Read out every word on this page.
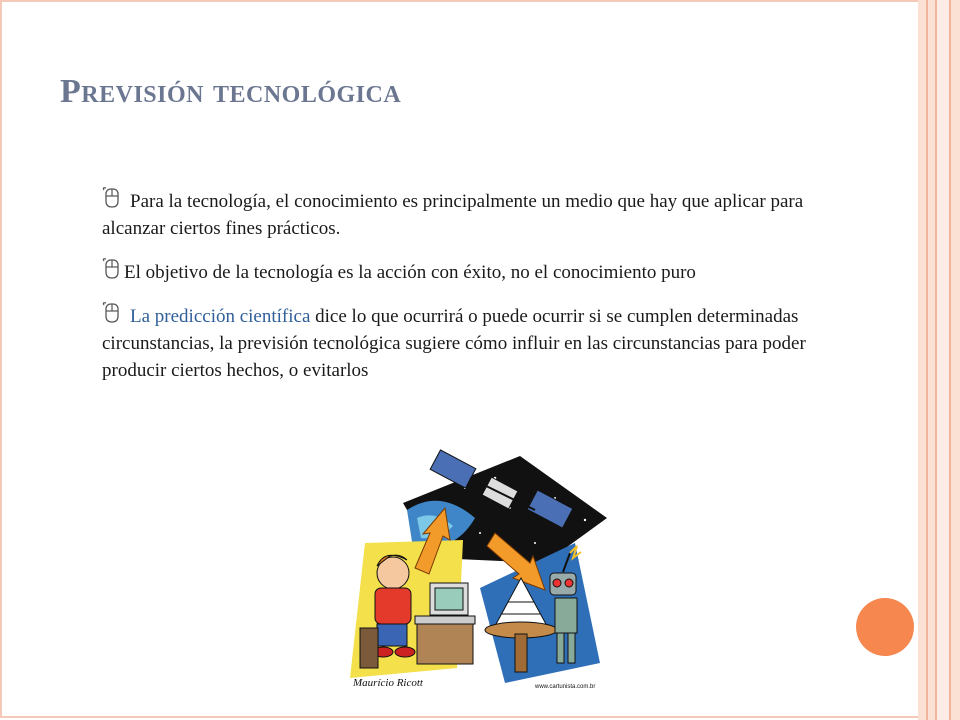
Previsión tecnológica

Para la tecnología, el conocimiento es principalmente un medio que hay que aplicar para alcanzar ciertos fines prácticos.

El objetivo de la tecnología es la acción con éxito, no el conocimiento puro

La predicción científica dice lo que ocurrirá o puede ocurrir si se cumplen determinadas circunstancias, la previsión tecnológica sugiere cómo influir en las circunstancias para poder producir ciertos hechos, o evitarlos

Maurício Ricott	www.cartunista.com.br
